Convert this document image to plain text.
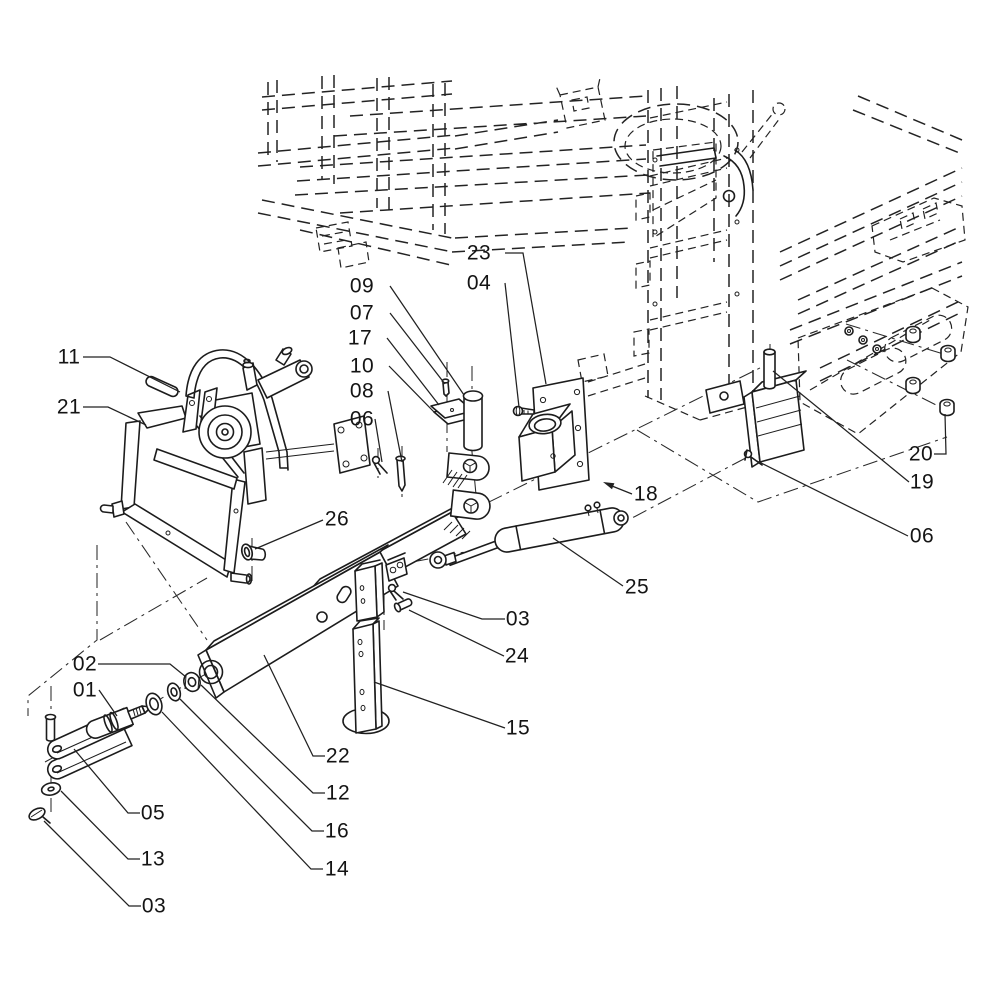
11
21
09
07
17
10
08
06
23
04
18
19
20
06
25
03
24
15
26
22
12
16
14
02
01
05
13
03
